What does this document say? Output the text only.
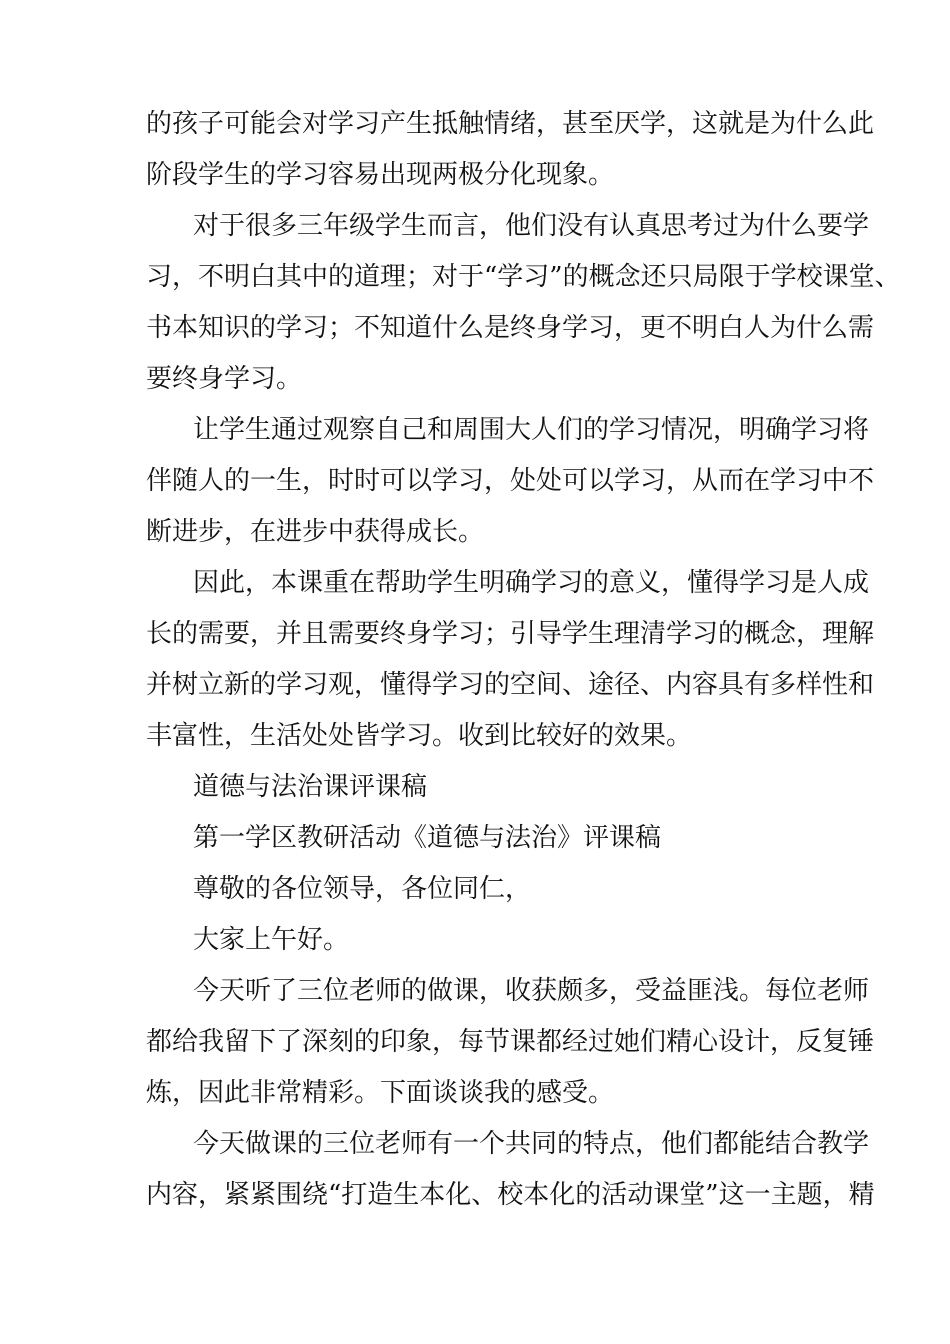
的孩子可能会对学习产生抵触情绪，甚至厌学，这就是为什么此
阶段学生的学习容易出现两极分化现象。
对于很多三年级学生而言，他们没有认真思考过为什么要学
习，不明白其中的道理；对于“学习”的概念还只局限于学校课堂、
书本知识的学习；不知道什么是终身学习，更不明白人为什么需
要终身学习。
让学生通过观察自己和周围大人们的学习情况，明确学习将
伴随人的一生，时时可以学习，处处可以学习，从而在学习中不
断进步，在进步中获得成长。
因此，本课重在帮助学生明确学习的意义，懂得学习是人成
长的需要，并且需要终身学习；引导学生理清学习的概念，理解
并树立新的学习观，懂得学习的空间、途径、内容具有多样性和
丰富性，生活处处皆学习。收到比较好的效果。
道德与法治课评课稿
第一学区教研活动《道德与法治》评课稿
尊敬的各位领导，各位同仁，
大家上午好。
今天听了三位老师的做课，收获颇多，受益匪浅。每位老师
都给我留下了深刻的印象，每节课都经过她们精心设计，反复锤
炼，因此非常精彩。下面谈谈我的感受。
今天做课的三位老师有一个共同的特点，他们都能结合教学
内容，紧紧围绕“打造生本化、校本化的活动课堂”这一主题，精
